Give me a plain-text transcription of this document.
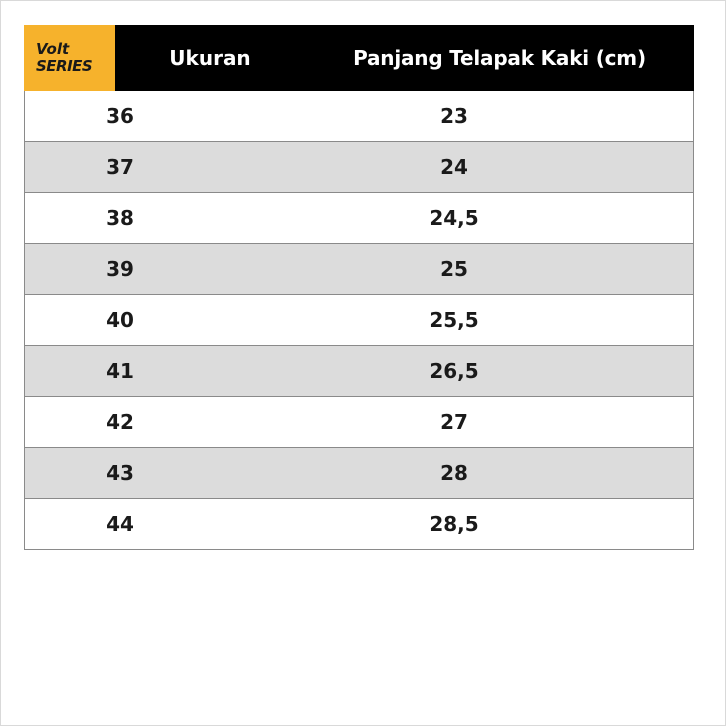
Volt
SERIES	Ukuran	Panjang Telapak Kaki (cm)
36	23
37	24
38	24,5
39	25
40	25,5
41	26,5
42	27
43	28
44	28,5
